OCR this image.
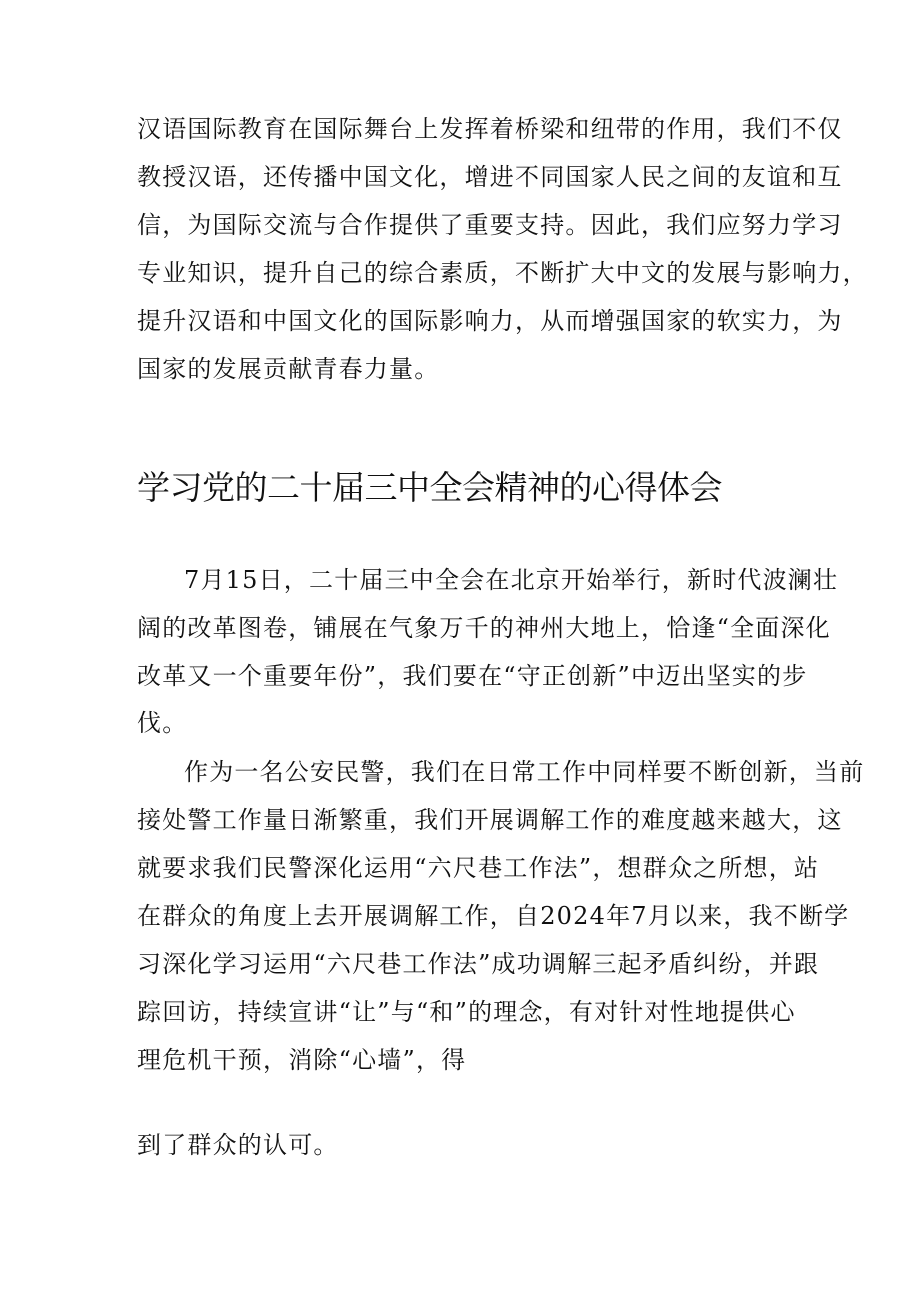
汉语国际教育在国际舞台上发挥着桥梁和纽带的作用，我们不仅
教授汉语，还传播中国文化，增进不同国家人民之间的友谊和互
信，为国际交流与合作提供了重要支持。因此，我们应努力学习
专业知识，提升自己的综合素质，不断扩大中文的发展与影响力，
提升汉语和中国文化的国际影响力，从而增强国家的软实力，为
国家的发展贡献青春力量。
学习党的二十届三中全会精神的心得体会
7月15日，二十届三中全会在北京开始举行，新时代波澜壮
阔的改革图卷，铺展在气象万千的神州大地上，恰逢“全面深化
改革又一个重要年份”，我们要在“守正创新”中迈出坚实的步
伐。
作为一名公安民警，我们在日常工作中同样要不断创新，当前
接处警工作量日渐繁重，我们开展调解工作的难度越来越大，这
就要求我们民警深化运用“六尺巷工作法”，想群众之所想，站
在群众的角度上去开展调解工作，自2024年7月以来，我不断学
习深化学习运用“六尺巷工作法”成功调解三起矛盾纠纷，并跟
踪回访，持续宣讲“让”与“和”的理念，有对针对性地提供心
理危机干预，消除“心墙”，得
到了群众的认可。
